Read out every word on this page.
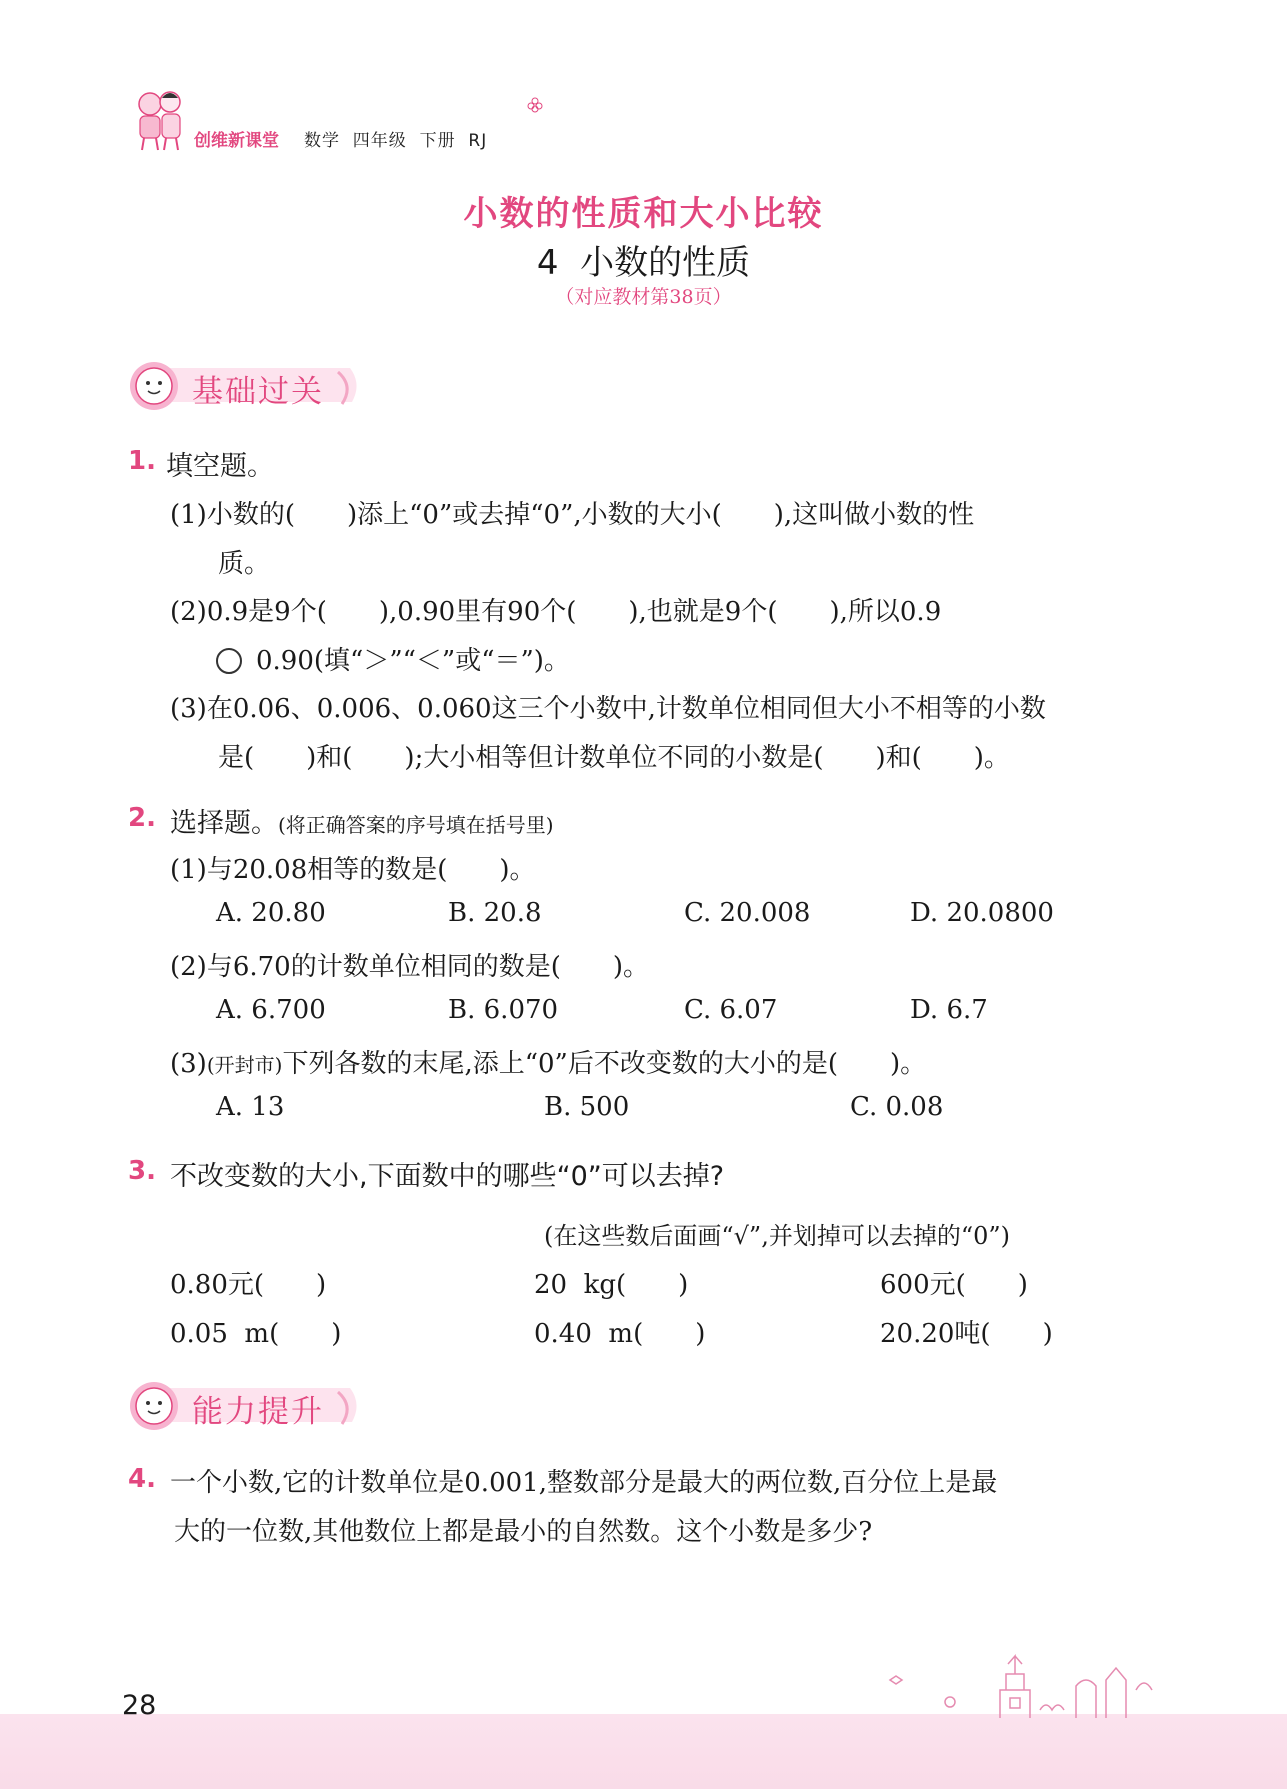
创维新课堂 数学  四年级  下册  RJ
小数的性质和大小比较
4  小数的性质
（对应教材第38页）
基础过关
1. 填空题。
(1)小数的(　　)添上“0”或去掉“0”,小数的大小(　　),这叫做小数的性
质。
(2)0.9是9个(　　),0.90里有90个(　　),也就是9个(　　),所以0.9
0.90(填“＞”“＜”或“＝”)。
(3)在0.06、0.006、0.060这三个小数中,计数单位相同但大小不相等的小数
是(　　)和(　　);大小相等但计数单位不同的小数是(　　)和(　　)。
2. 选择题。(将正确答案的序号填在括号里)
(1)与20.08相等的数是(　　)。
A. 20.80	B. 20.8	C. 20.008	D. 20.0800
(2)与6.70的计数单位相同的数是(　　)。
A. 6.700	B. 6.070	C. 6.07	D. 6.7
(3)(开封市)下列各数的末尾,添上“0”后不改变数的大小的是(　　)。
A. 13	B. 500	C. 0.08
3. 不改变数的大小,下面数中的哪些“0”可以去掉?
(在这些数后面画“√”,并划掉可以去掉的“0”)
0.80元(　　)	20  kg(　　)	600元(　　)
0.05  m(　　)	0.40  m(　　)	20.20吨(　　)
能力提升
4. 一个小数,它的计数单位是0.001,整数部分是最大的两位数,百分位上是最
大的一位数,其他数位上都是最小的自然数。这个小数是多少?
28
